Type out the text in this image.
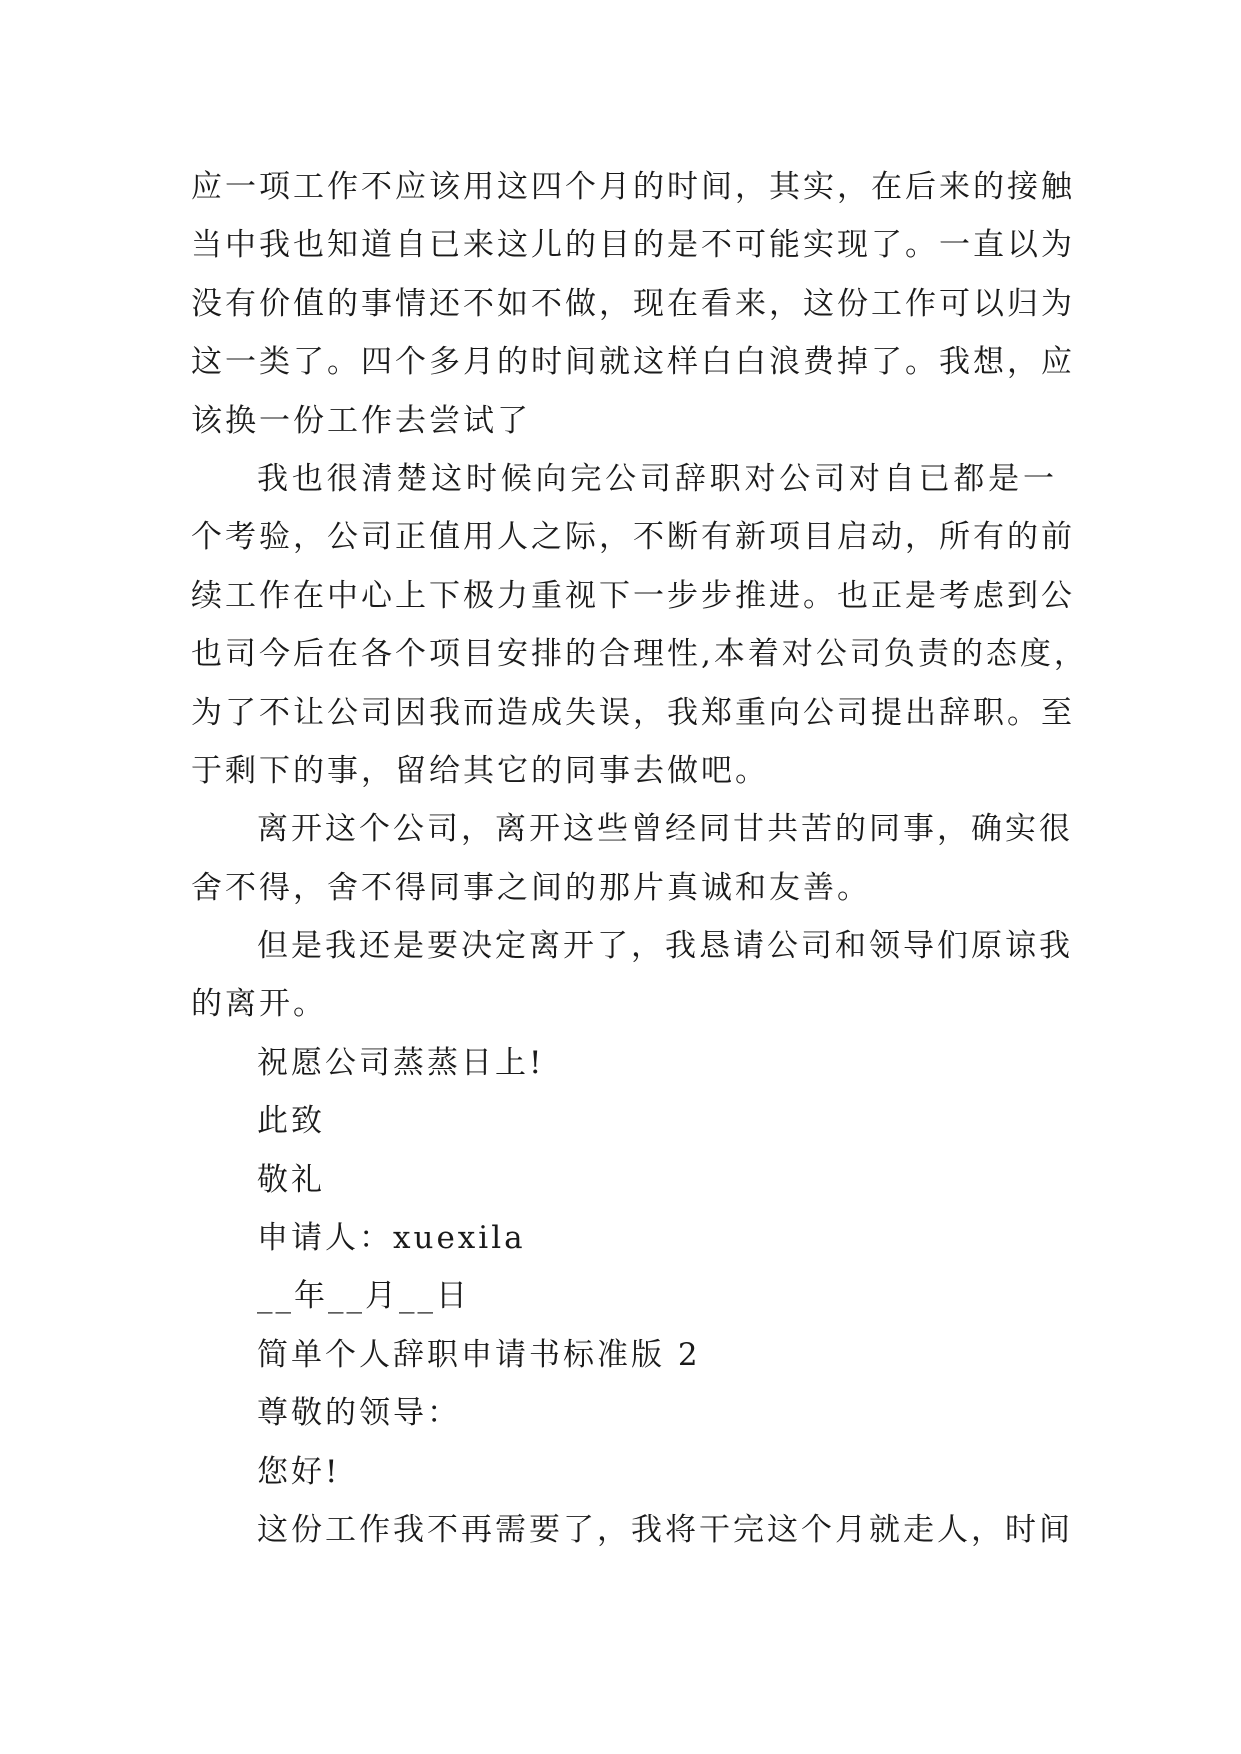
应一项工作不应该用这四个月的时间，其实，在后来的接触
当中我也知道自已来这儿的目的是不可能实现了。一直以为
没有价值的事情还不如不做，现在看来，这份工作可以归为
这一类了。四个多月的时间就这样白白浪费掉了。我想，应
该换一份工作去尝试了
我也很清楚这时候向完公司辞职对公司对自已都是一
个考验，公司正值用人之际，不断有新项目启动，所有的前
续工作在中心上下极力重视下一步步推进。也正是考虑到公
也司今后在各个项目安排的合理性,本着对公司负责的态度，
为了不让公司因我而造成失误，我郑重向公司提出辞职。至
于剩下的事，留给其它的同事去做吧。
离开这个公司，离开这些曾经同甘共苦的同事，确实很
舍不得，舍不得同事之间的那片真诚和友善。
但是我还是要决定离开了，我恳请公司和领导们原谅我
的离开。
祝愿公司蒸蒸日上!
此致
敬礼
申请人：xuexila
__年__月__日
简单个人辞职申请书标准版 2
尊敬的领导：
您好!
这份工作我不再需要了，我将干完这个月就走人，时间
